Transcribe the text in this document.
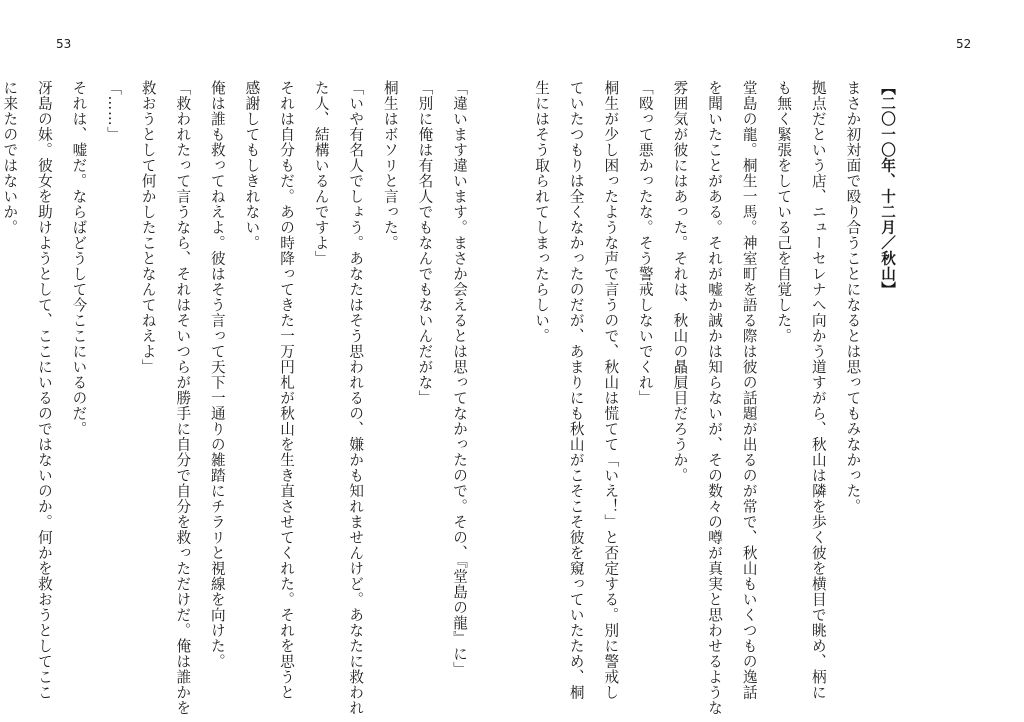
53	52
【二〇一〇年、十二月／秋山】
まさか初対面で殴り合うことになるとは思ってもみなかった。
拠点だという店、ニューセレナへ向かう道すがら、秋山は隣を歩く彼を横目で眺め、柄に
も無く緊張をしている己を自覚した。
堂島の龍。桐生一馬。神室町を語る際は彼の話題が出るのが常で、秋山もいくつもの逸話
を聞いたことがある。それが嘘か誠かは知らないが、その数々の噂が真実と思わせるような
雰囲気が彼にはあった。それは、秋山の贔屓目だろうか。
「殴って悪かったな。そう警戒しないでくれ」
桐生が少し困ったような声で言うので、秋山は慌てて「いえ！」と否定する。別に警戒し
ていたつもりは全くなかったのだが、あまりにも秋山がこそこそ彼を窺っていたため、桐
生にはそう取られてしまったらしい。
「違います違います。まさか会えるとは思ってなかったので。その、『堂島の龍』に」
「別に俺は有名人でもなんでもないんだがな」
桐生はボソリと言った。
「いや有名人でしょう。あなたはそう思われるの、嫌かも知れませんけど。あなたに救われ
た人、結構いるんですよ」
それは自分もだ。あの時降ってきた一万円札が秋山を生き直させてくれた。それを思うと
感謝してもしきれない。
俺は誰も救ってねえよ。彼はそう言って天下一通りの雑踏にチラリと視線を向けた。
「救われたって言うなら、それはそいつらが勝手に自分で自分を救っただけだ。俺は誰かを
救おうとして何かしたことなんてねえよ」
「……」
それは、嘘だ。ならばどうして今ここにいるのだ。
冴島の妹。彼女を助けようとして、ここにいるのではないのか。何かを救おうとしてここ
に来たのではないか。
